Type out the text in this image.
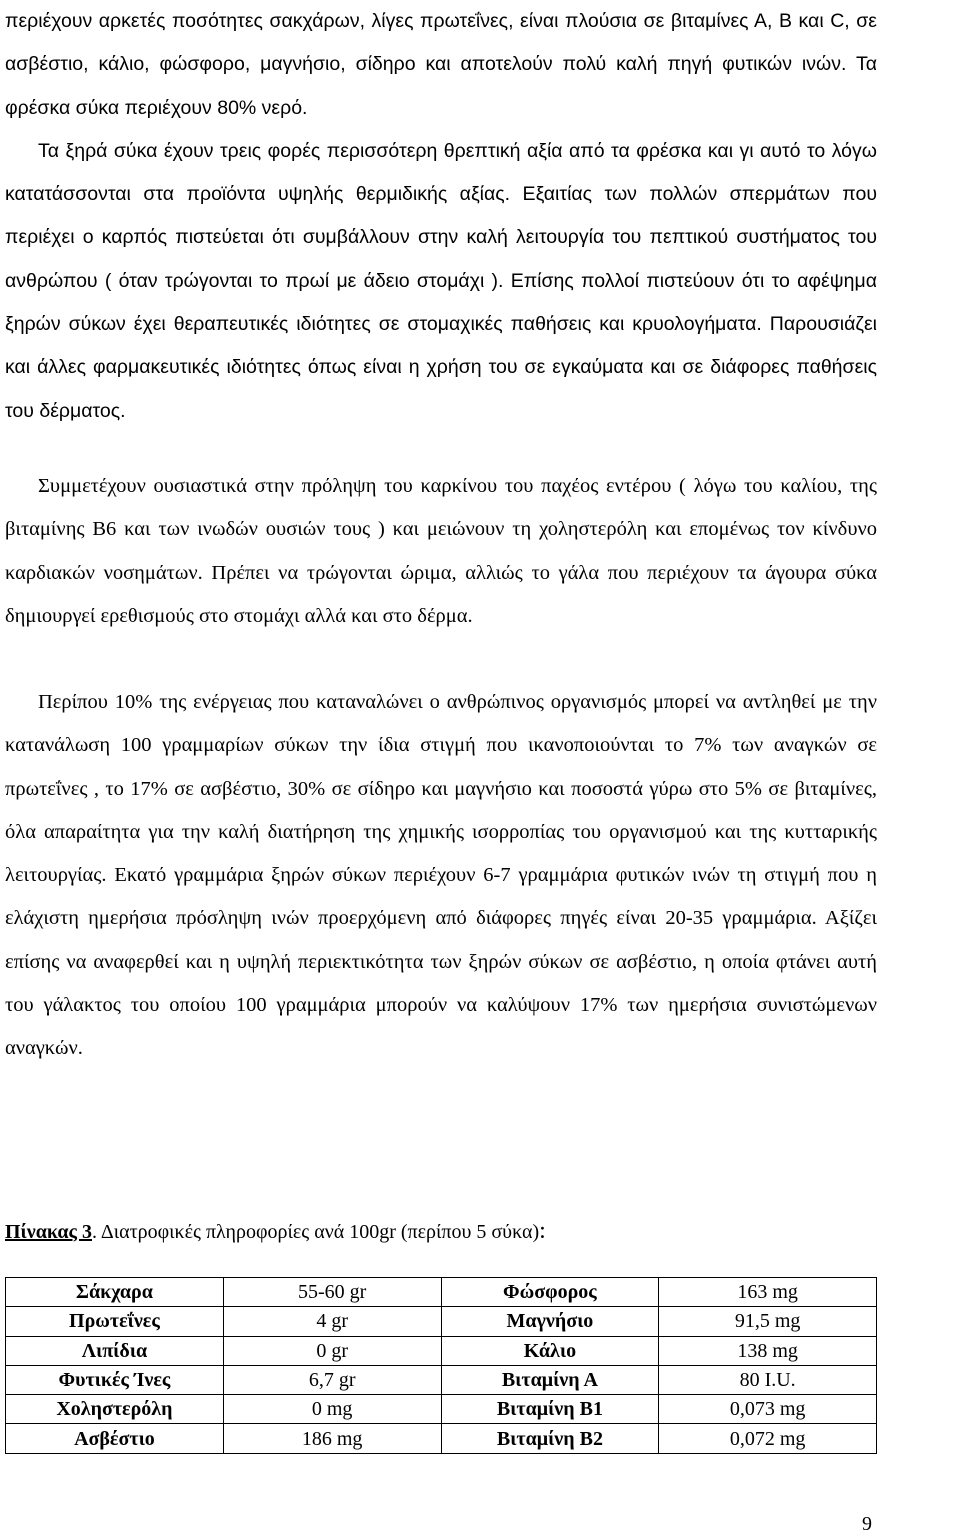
περιέχουν αρκετές ποσότητες σακχάρων, λίγες πρωτεΐνες, είναι πλούσια σε βιταμίνες Α, Β και C, σε ασβέστιο, κάλιο, φώσφορο, μαγνήσιο, σίδηρο και αποτελούν πολύ καλή πηγή φυτικών ινών. Τα φρέσκα σύκα περιέχουν 80% νερό.
Τα ξηρά σύκα έχουν τρεις φορές περισσότερη θρεπτική αξία από τα φρέσκα και γι αυτό το λόγω κατατάσσονται στα προϊόντα υψηλής θερμιδικής αξίας. Εξαιτίας των πολλών σπερμάτων που περιέχει ο καρπός πιστεύεται ότι συμβάλλουν στην καλή λειτουργία του πεπτικού συστήματος του ανθρώπου ( όταν τρώγονται το πρωί με άδειο στομάχι ). Επίσης πολλοί πιστεύουν ότι το αφέψημα ξηρών σύκων έχει θεραπευτικές ιδιότητες σε στομαχικές παθήσεις και κρυολογήματα. Παρουσιάζει και άλλες φαρμακευτικές ιδιότητες όπως είναι η χρήση του σε εγκαύματα και σε διάφορες παθήσεις του δέρματος.

Συμμετέχουν ουσιαστικά στην πρόληψη του καρκίνου του παχέος εντέρου ( λόγω του καλίου, της βιταμίνης Β6 και των ινωδών ουσιών τους ) και μειώνουν τη χοληστερόλη και επομένως τον κίνδυνο καρδιακών νοσημάτων. Πρέπει να τρώγονται ώριμα, αλλιώς το γάλα που περιέχουν τα άγουρα σύκα δημιουργεί ερεθισμούς στο στομάχι αλλά και στο δέρμα.

Περίπου 10% της ενέργειας που καταναλώνει ο ανθρώπινος οργανισμός μπορεί να αντληθεί με την κατανάλωση 100 γραμμαρίων σύκων την ίδια στιγμή που ικανοποιούνται το 7% των αναγκών σε πρωτεΐνες , το 17% σε ασβέστιο, 30% σε σίδηρο και μαγνήσιο και ποσοστά γύρω στο 5% σε βιταμίνες, όλα απαραίτητα για την καλή διατήρηση της χημικής ισορροπίας του οργανισμού και της κυτταρικής λειτουργίας. Εκατό γραμμάρια ξηρών σύκων περιέχουν 6-7 γραμμάρια φυτικών ινών τη στιγμή που η ελάχιστη ημερήσια πρόσληψη ινών προερχόμενη από διάφορες πηγές είναι 20-35 γραμμάρια. Αξίζει επίσης να αναφερθεί και η υψηλή περιεκτικότητα των ξηρών σύκων σε ασβέστιο, η οποία φτάνει αυτή του γάλακτος του οποίου 100 γραμμάρια μπορούν να καλύψουν 17% των ημερήσια συνιστώμενων αναγκών.

Πίνακας 3. Διατροφικές πληροφορίες ανά 100gr (περίπου 5 σύκα):

Σάκχαρα	55-60 gr	Φώσφορος	163 mg
Πρωτεΐνες	4 gr	Μαγνήσιο	91,5 mg
Λιπίδια	0 gr	Κάλιο	138 mg
Φυτικές Ίνες	6,7 gr	Βιταμίνη Α	80 I.U.
Χοληστερόλη	0 mg	Βιταμίνη Β1	0,073 mg
Ασβέστιο	186 mg	Βιταμίνη Β2	0,072 mg
9
